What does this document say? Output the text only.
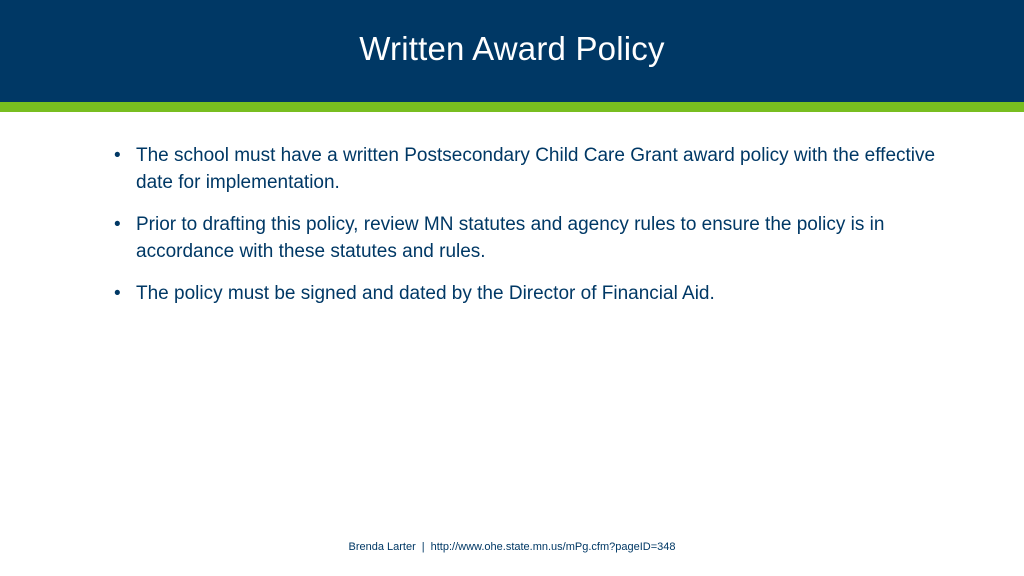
Written Award Policy
• The school must have a written Postsecondary Child Care Grant award policy with the effective date for implementation.
• Prior to drafting this policy, review MN statutes and agency rules to ensure the policy is in accordance with these statutes and rules.
• The policy must be signed and dated by the Director of Financial Aid.
Brenda Larter | http://www.ohe.state.mn.us/mPg.cfm?pageID=348
